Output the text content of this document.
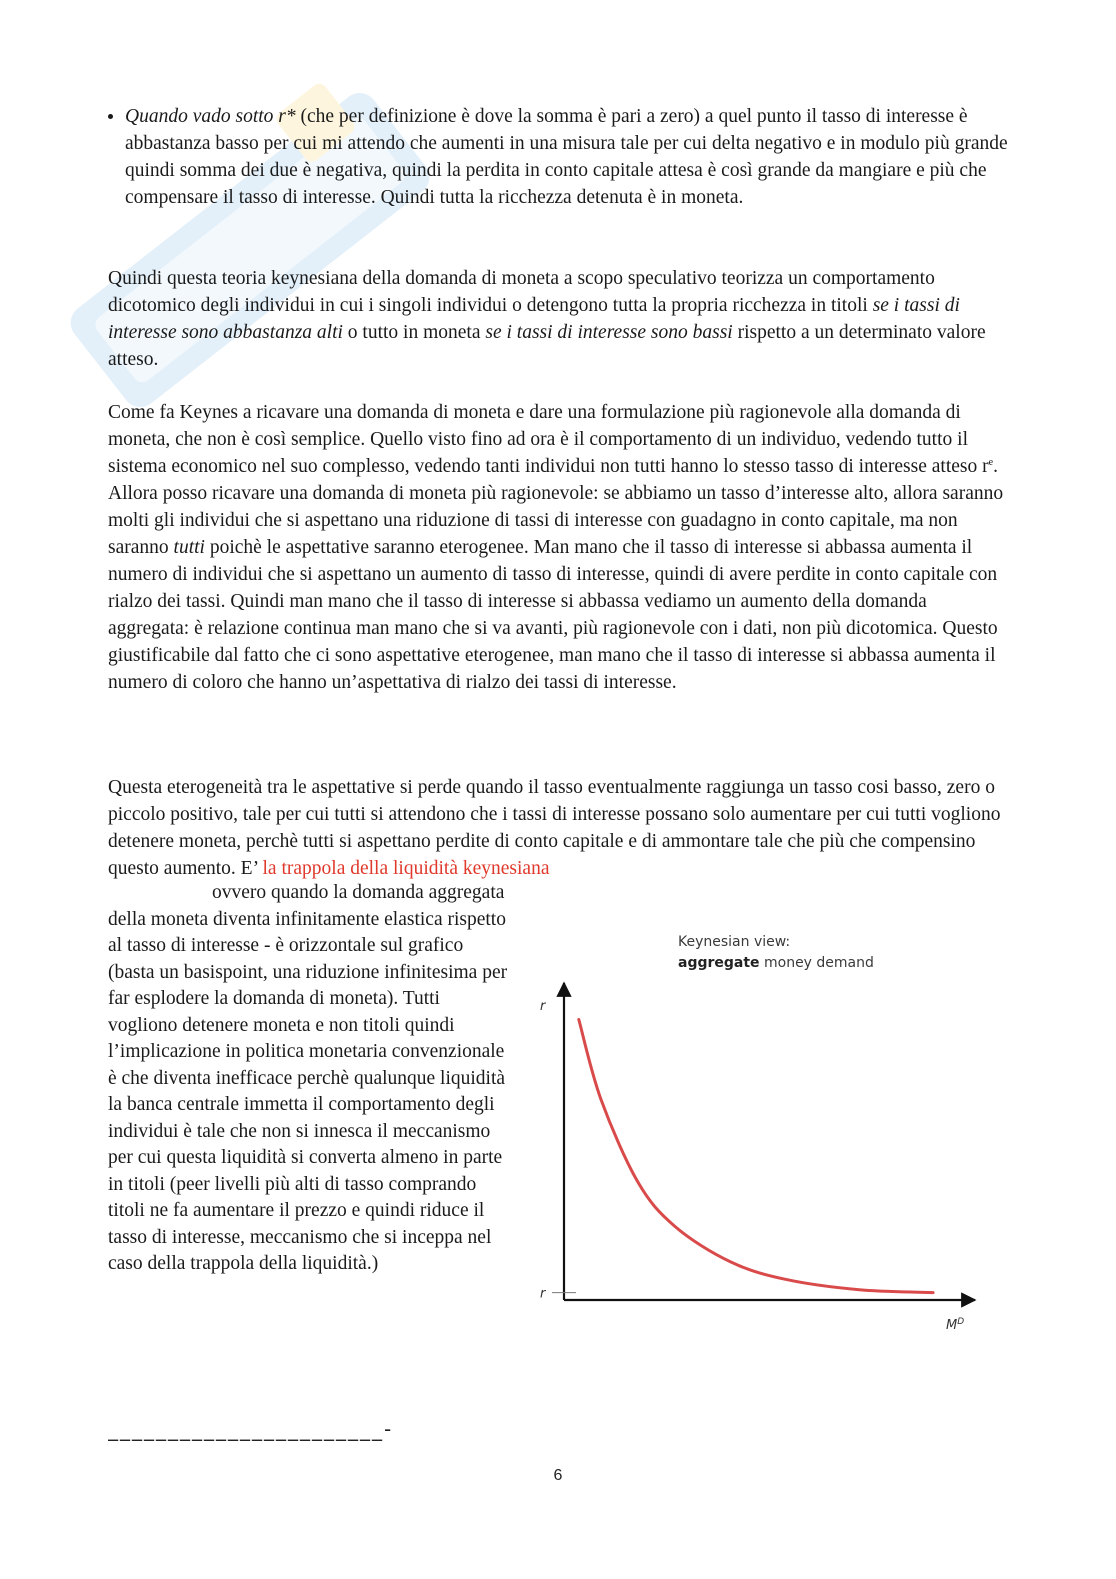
Quando vado sotto r* (che per definizione è dove la somma è pari a zero) a quel punto il tasso di interesse è abbastanza basso per cui mi attendo che aumenti in una misura tale per cui delta negativo e in modulo più grande quindi somma dei due è negativa, quindi la perdita in conto capitale attesa è così grande da mangiare e più che compensare il tasso di interesse. Quindi tutta la ricchezza detenuta è in moneta.

Quindi questa teoria keynesiana della domanda di moneta a scopo speculativo teorizza un comportamento dicotomico degli individui in cui i singoli individui o detengono tutta la propria ricchezza in titoli se i tassi di interesse sono abbastanza alti o tutto in moneta se i tassi di interesse sono bassi rispetto a un determinato valore atteso.

Come fa Keynes a ricavare una domanda di moneta e dare una formulazione più ragionevole alla domanda di moneta, che non è così semplice. Quello visto fino ad ora è il comportamento di un individuo, vedendo tutto il sistema economico nel suo complesso, vedendo tanti individui non tutti hanno lo stesso tasso di interesse atteso $r^e$. Allora posso ricavare una domanda di moneta più ragionevole: se abbiamo un tasso d’interesse alto, allora saranno molti gli individui che si aspettano una riduzione di tassi di interesse con guadagno in conto capitale, ma non saranno tutti poichè le aspettative saranno eterogenee. Man mano che il tasso di interesse si abbassa aumenta il numero di individui che si aspettano un aumento di tasso di interesse, quindi di avere perdite in conto capitale con rialzo dei tassi. Quindi man mano che il tasso di interesse si abbassa vediamo un aumento della domanda aggregata: è relazione continua man mano che si va avanti, più ragionevole con i dati, non più dicotomica. Questo giustificabile dal fatto che ci sono aspettative eterogenee, man mano che il tasso di interesse si abbassa aumenta il numero di coloro che hanno un’aspettativa di rialzo dei tassi di interesse.

Questa eterogeneità tra le aspettative si perde quando il tasso eventualmente raggiunga un tasso cosi basso, zero o piccolo positivo, tale per cui tutti si attendono che i tassi di interesse possano solo aumentare per cui tutti vogliono detenere moneta, perchè tutti si aspettano perdite di conto capitale e di ammontare tale che più che compensino questo aumento. E’ la trappola della liquidità keynesiana

ovvero quando la domanda aggregata della moneta diventa infinitamente elastica rispetto al tasso di interesse - è orizzontale sul grafico (basta un basispoint, una riduzione infinitesima per far esplodere la domanda di moneta). Tutti vogliono detenere moneta e non titoli quindi l’implicazione in politica monetaria convenzionale è che diventa inefficace perchè qualunque liquidità la banca centrale immetta il comportamento degli individui è tale che non si innesca il meccanismo per cui questa liquidità si converta almeno in parte in titoli (peer livelli più alti di tasso comprando titoli ne fa aumentare il prezzo e quindi riduce il tasso di interesse, meccanismo che si inceppa nel caso della trappola della liquidità.)

Keynesian view:
aggregate money demand
r
r
$M^D$
_______________________-
6
